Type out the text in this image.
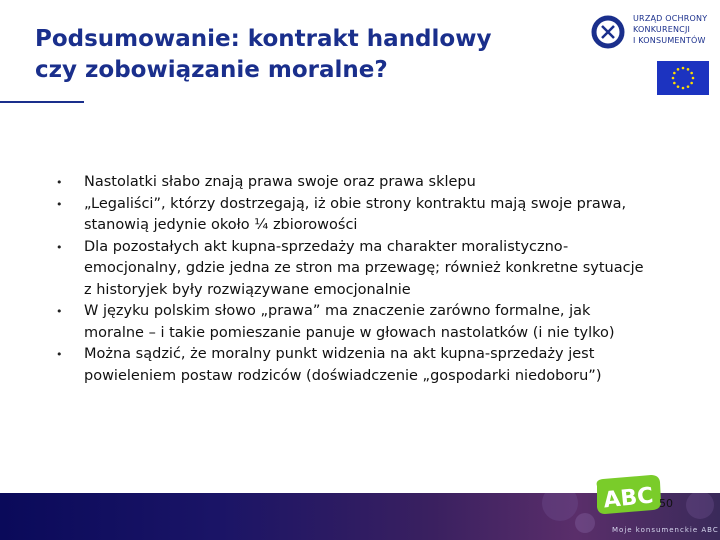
Podsumowanie: kontrakt handlowy
czy zobowiązanie moralne?
URZĄD OCHRONY
KONKURENCJI
I KONSUMENTÓW
• Nastolatki słabo znają prawa swoje oraz prawa sklepu
• „Legaliści”, którzy dostrzegają, iż obie strony kontraktu mają swoje prawa, stanowią jedynie około ¼ zbiorowości
• Dla pozostałych akt kupna-sprzedaży ma charakter moralistyczno-emocjonalny, gdzie jedna ze stron ma przewagę; również konkretne sytuacje z historyjek były rozwiązywane emocjonalnie
• W języku polskim słowo „prawa” ma znaczenie zarówno formalne, jak moralne – i takie pomieszanie panuje w głowach nastolatków (i nie tylko)
• Można sądzić, że moralny punkt widzenia na akt kupna-sprzedaży jest powieleniem postaw rodziców (doświadczenie „gospodarki niedoboru”)
ABC 50
Moje konsumenckie ABC
